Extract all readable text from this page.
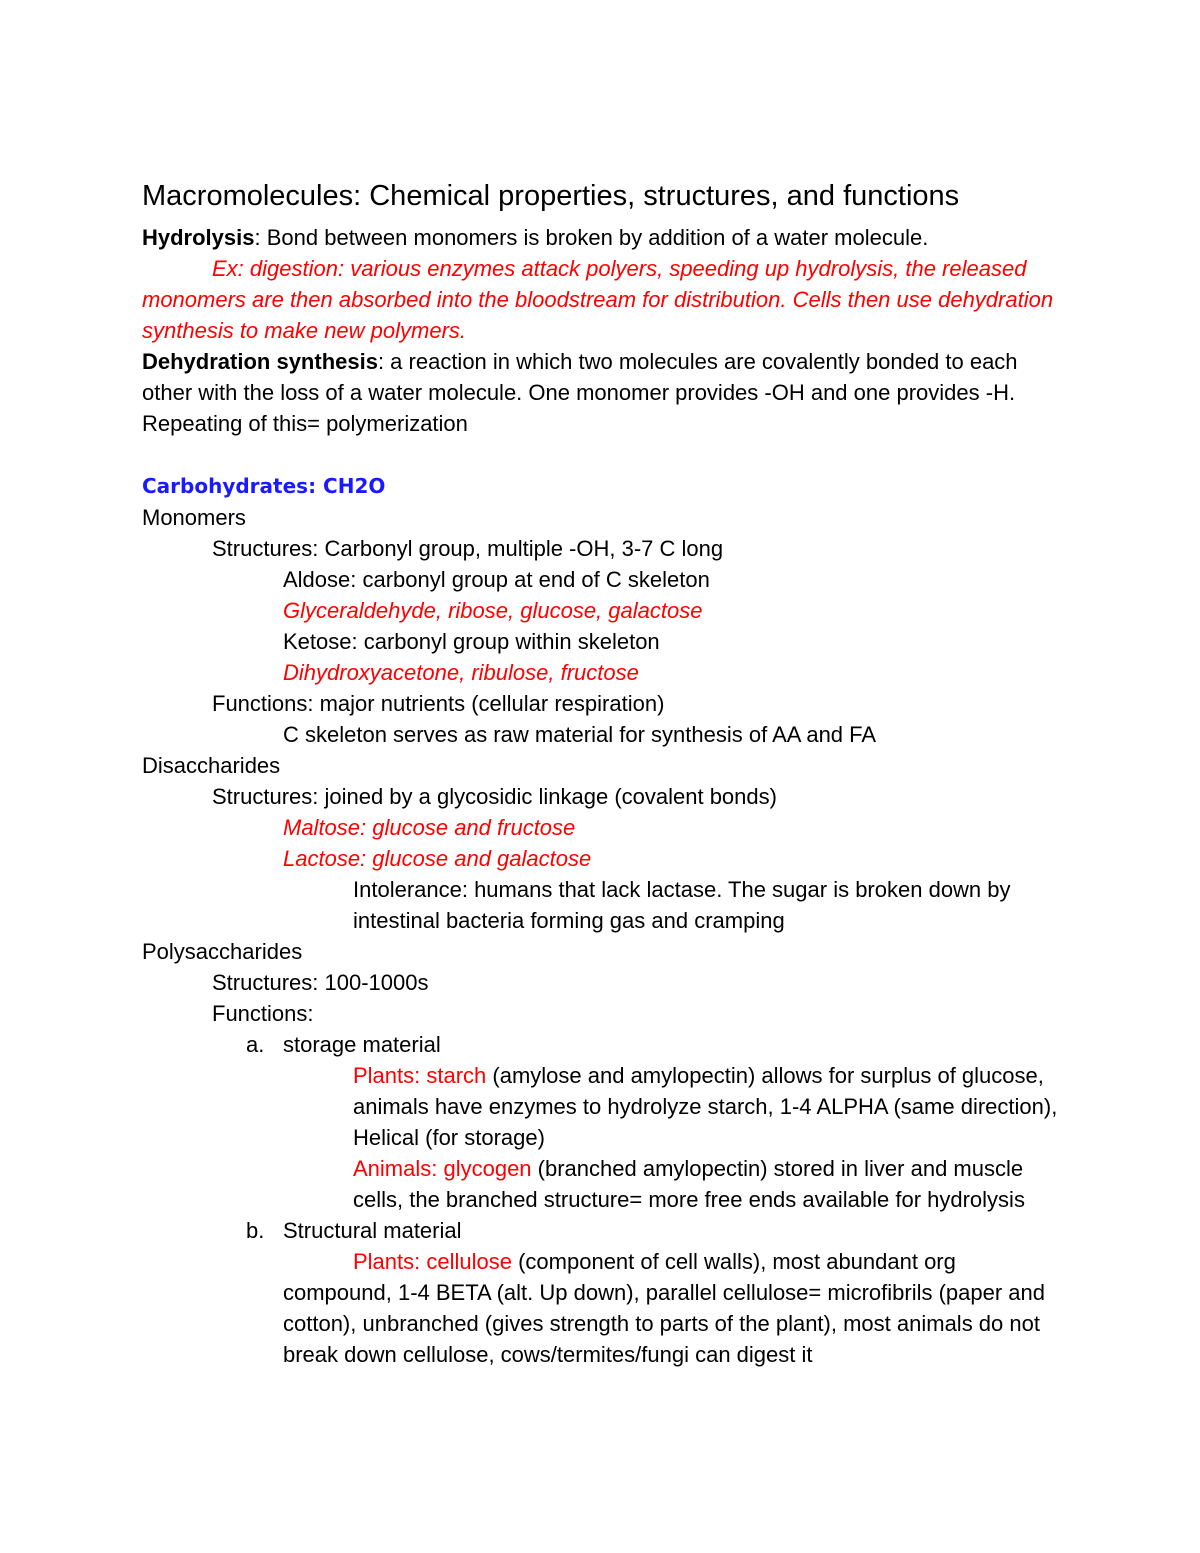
Macromolecules: Chemical properties, structures, and functions

Hydrolysis: Bond between monomers is broken by addition of a water molecule.

Ex: digestion: various enzymes attack polyers, speeding up hydrolysis, the released monomers are then absorbed into the bloodstream for distribution. Cells then use dehydration synthesis to make new polymers.

Dehydration synthesis: a reaction in which two molecules are covalently bonded to each other with the loss of a water molecule. One monomer provides -OH and one provides -H. Repeating of this= polymerization

Carbohydrates: CH2O

Monomers

Structures: Carbonyl group, multiple -OH, 3-7 C long

Aldose: carbonyl group at end of C skeleton

Glyceraldehyde, ribose, glucose, galactose

Ketose: carbonyl group within skeleton

Dihydroxyacetone, ribulose, fructose

Functions: major nutrients (cellular respiration)

C skeleton serves as raw material for synthesis of AA and FA

Disaccharides

Structures: joined by a glycosidic linkage (covalent bonds)

Maltose: glucose and fructose

Lactose: glucose and galactose

Intolerance: humans that lack lactase. The sugar is broken down by intestinal bacteria forming gas and cramping

Polysaccharides

Structures: 100-1000s

Functions:

a. storage material

Plants: starch (amylose and amylopectin) allows for surplus of glucose, animals have enzymes to hydrolyze starch, 1-4 ALPHA (same direction), Helical (for storage)

Animals: glycogen (branched amylopectin) stored in liver and muscle cells, the branched structure= more free ends available for hydrolysis

b. Structural material

Plants: cellulose (component of cell walls), most abundant org compound, 1-4 BETA (alt. Up down), parallel cellulose= microfibrils (paper and cotton), unbranched (gives strength to parts of the plant), most animals do not break down cellulose, cows/termites/fungi can digest it
